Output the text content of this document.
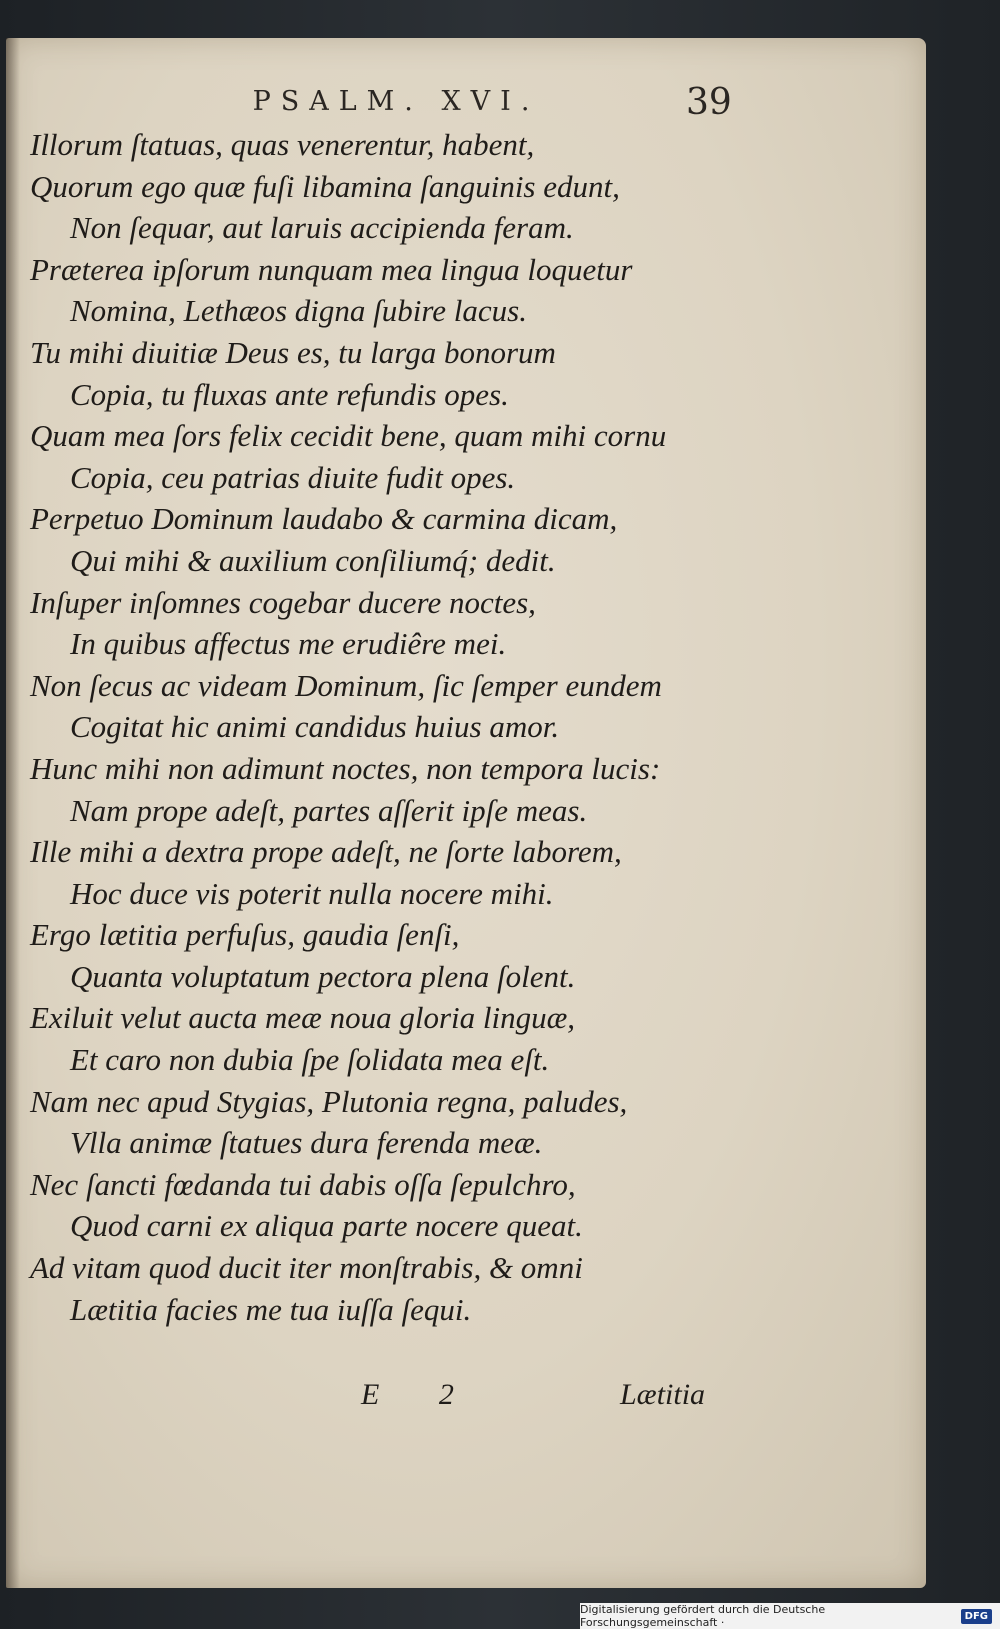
PSALM. XVI.	39
Illorum ſtatuas, quas venerentur, habent,
Quorum ego quæ fuſi libamina ſanguinis edunt,
Non ſequar, aut laruis accipienda feram.
Præterea ipſorum nunquam mea lingua loquetur
Nomina, Lethæos digna ſubire lacus.
Tu mihi diuitiæ Deus es, tu larga bonorum
Copia, tu fluxas ante refundis opes.
Quam mea ſors felix cecidit bene, quam mihi cornu
Copia, ceu patrias diuite fudit opes.
Perpetuo Dominum laudabo & carmina dicam,
Qui mihi & auxilium conſiliumq́; dedit.
Inſuper inſomnes cogebar ducere noctes,
In quibus affectus me erudiêre mei.
Non ſecus ac videam Dominum, ſic ſemper eundem
Cogitat hic animi candidus huius amor.
Hunc mihi non adimunt noctes, non tempora lucis:
Nam prope adeſt, partes aſſerit ipſe meas.
Ille mihi a dextra prope adeſt, ne ſorte laborem,
Hoc duce vis poterit nulla nocere mihi.
Ergo lætitia perfuſus, gaudia ſenſi,
Quanta voluptatum pectora plena ſolent.
Exiluit velut aucta meæ noua gloria linguæ,
Et caro non dubia ſpe ſolidata mea eſt.
Nam nec apud Stygias, Plutonia regna, paludes,
Vlla animæ ſtatues dura ferenda meæ.
Nec ſancti fœdanda tui dabis oſſa ſepulchro,
Quod carni ex aliqua parte nocere queat.
Ad vitam quod ducit iter monſtrabis, & omni
Lætitia facies me tua iuſſa ſequi.
E 2	Lætitia
Digitalisierung gefördert durch die Deutsche Forschungsgemeinschaft ·	DFG
